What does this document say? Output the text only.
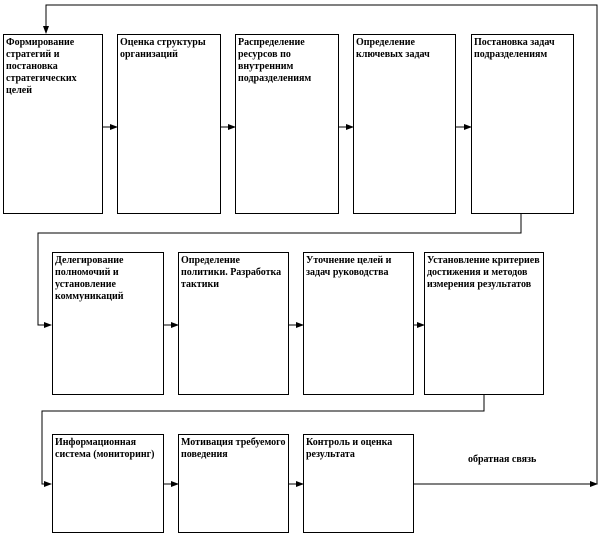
Формирование стратегий и постановка стратегических целей
Оценка структуры организаций
Распределение ресурсов по внутренним подразделениям
Определение ключевых задач
Постановка задач подразделениям
Делегирование полномочий и установление коммуникаций
Определение политики. Разработка тактики
Уточнение целей и задач руководства
Установление критериев достижения и методов измерения результатов
Информационная система (мониторинг)
Мотивация требуемого поведения
Контроль и оценка результата	обратная связь
